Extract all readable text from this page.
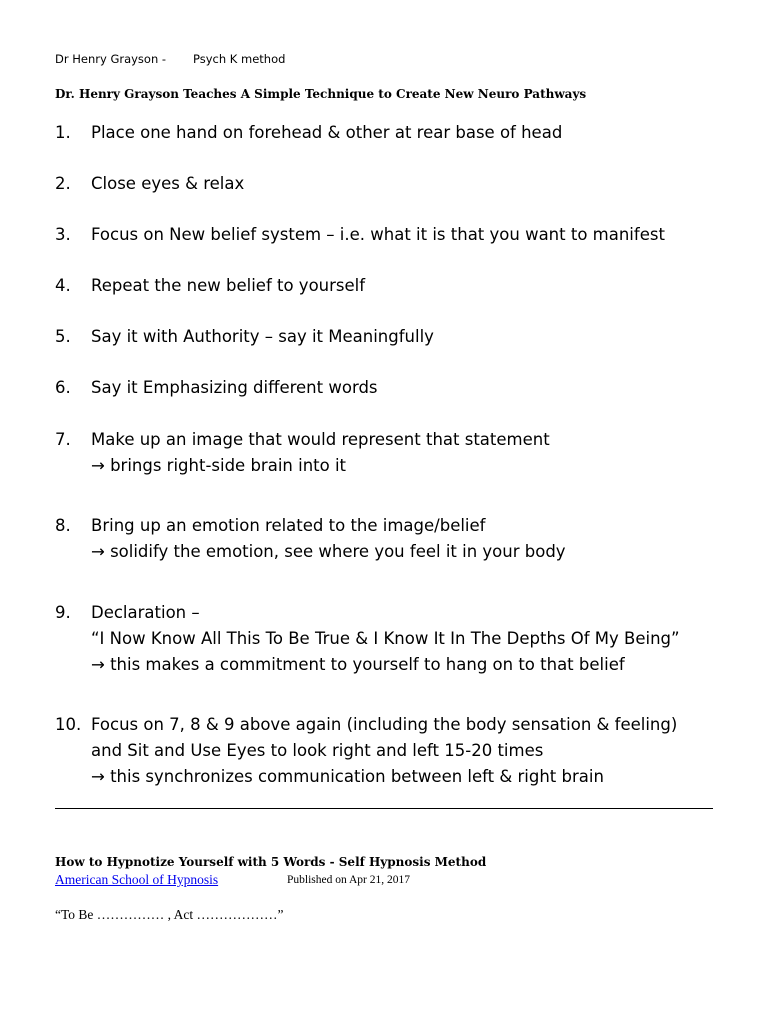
Dr Henry Grayson - Psych K method
Dr. Henry Grayson Teaches A Simple Technique to Create New Neuro Pathways
1. Place one hand on forehead & other at rear base of head
2. Close eyes & relax
3. Focus on New belief system – i.e. what it is that you want to manifest
4. Repeat the new belief to yourself
5. Say it with Authority – say it Meaningfully
6. Say it Emphasizing different words
7. Make up an image that would represent that statement
→ brings right-side brain into it
8. Bring up an emotion related to the image/belief
→ solidify the emotion, see where you feel it in your body
9. Declaration –
“I Now Know All This To Be True & I Know It In The Depths Of My Being”
→ this makes a commitment to yourself to hang on to that belief
10. Focus on 7, 8 & 9 above again (including the body sensation & feeling)
and Sit and Use Eyes to look right and left 15-20 times
→ this synchronizes communication between left & right brain
How to Hypnotize Yourself with 5 Words - Self Hypnosis Method
American School of Hypnosis	Published on Apr 21, 2017
“To Be …………… , Act ………………”
